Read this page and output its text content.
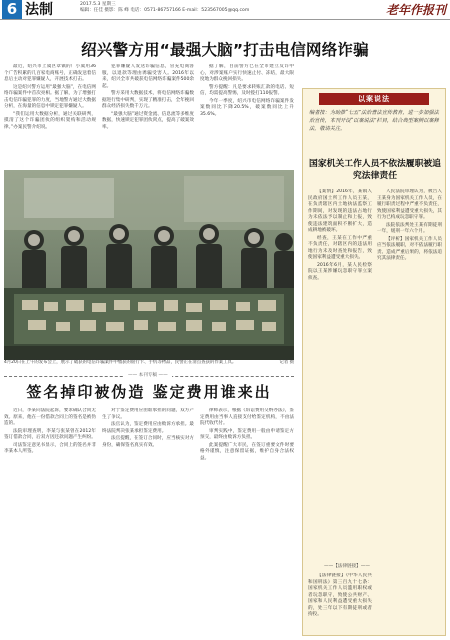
6 法制	2017.5.3 星期三
编辑：任佳 摄影：陈 峰 电话：0571-86757166 E-mail：523567005@qq.com	老年作报刊
绍兴警方用“最强大脑”打击电信网络诈骗

最近，绍兴市上虞区章镇的厂小虞用36个广告积累的几百家电商账号，正确发送着信息后主动对犯罪嫌疑人，开展技术打击。

这是绍兴警方运用“最强大脑”，在电信网络诈骗案件中首次亮相。据了解，为了增强打击电信诈骗犯罪的力度，当地警方通过大数据分析，在海量的信息中锁定犯罪嫌疑人。

“我们运用大数据分析，通过关联研判，摸清了这个诈骗团伙的组织架构和活动规律。”办案民警介绍说。

犯罪嫌疑人发送诈骗信息，冒充电商客服，以退款等理由诱骗受害人。2016年以来，绍兴全市共破获电信网络诈骗案件500余起。

警方采用大数据技术，将电信网络诈骗数据进行集中研判，实现了精准打击，全年挽回群众经济损失数千万元。

“最强大脑”通过资金流、信息流等多维度数据，快速锁定犯罪团伙窝点，提高了破案效率。

据了解，目前警方已在全市建立反诈中心，对涉案账户实行快速止付、冻结，最大限度地为群众挽回损失。

警方提醒：凡是要求转账汇款的电话、短信，均需提高警惕，及时拨打110报警。

今年一季度，绍兴市电信网络诈骗案件发案数同比下降20.5%，破案数同比上升35.6%。

4月20日在上午的发布会上，展示了破获的电信诈骗案件中缴获的银行卡、手机等物品，民警正在清点查获的作案工具。	记者 摄
—— 本刊专稿 ——
签名掉印被伪造 鉴定费用谁来出

近日，李某向法院起诉，要求确认合同无效。原来，他在一份借款合同上的签名是被伪造的。

法院审理查明，李某与张某曾在2012年签订借款合同，后双方因还款问题产生纠纷。

司法鉴定意见书显示，合同上的签名并非李某本人所签。

对于鉴定费用应由谁承担的问题，双方产生了争议。

法官认为，鉴定费用应由败诉方承担。最终法院判决张某承担鉴定费用。

法官提醒，在签订合同时，应当核实对方身份，确保签名真实有效。

律师表示，根据《诉讼费用交纳办法》，鉴定费用由当事人直接支付给鉴定机构，不由法院代收代付。

审判实践中，鉴定费用一般由申请鉴定方预交，最终由败诉方负担。

此案提醒广大市民，在签订重要文件时要格外谨慎，注意保留证据，维护自身合法权益。

以案说法
编者按：为助推“七五”法治普法宣传教育，进一步加强法治宣传，本刊开设“以案说法”栏目，结合典型案例以案释法，敬请关注。
国家机关工作人员不依法履职被追究法律责任

【案情】2016年，某镇人民政府国土所工作人员王某，在负责辖区内土地执法监察工作期间，对发现的违法占地行为未依法予以制止和上报，致使违法建筑面积不断扩大，造成耕地被破坏。

经查，王某在工作中严重不负责任，对辖区内的违法用地行为未及时查处和报告，致使国家利益遭受重大损失。

2016年6月，某人民检察院以王某涉嫌玩忽职守罪立案侦查。

人民法院审理认为，被告人王某身为国家机关工作人员，在履行职责过程中严重不负责任，致使国家利益遭受重大损失，其行为已构成玩忽职守罪。

法院依法判处王某有期徒刑一年，缓刑一年六个月。

【评析】国家机关工作人员应当依法履职，对不依法履行职责、造成严重后果的，将依法追究其法律责任。

——【法律链接】——

【法律链接】《中华人民共和国刑法》第三百九十七条：国家机关工作人员滥用职权或者玩忽职守，致使公共财产、国家和人民利益遭受重大损失的，处三年以下有期徒刑或者拘役。
